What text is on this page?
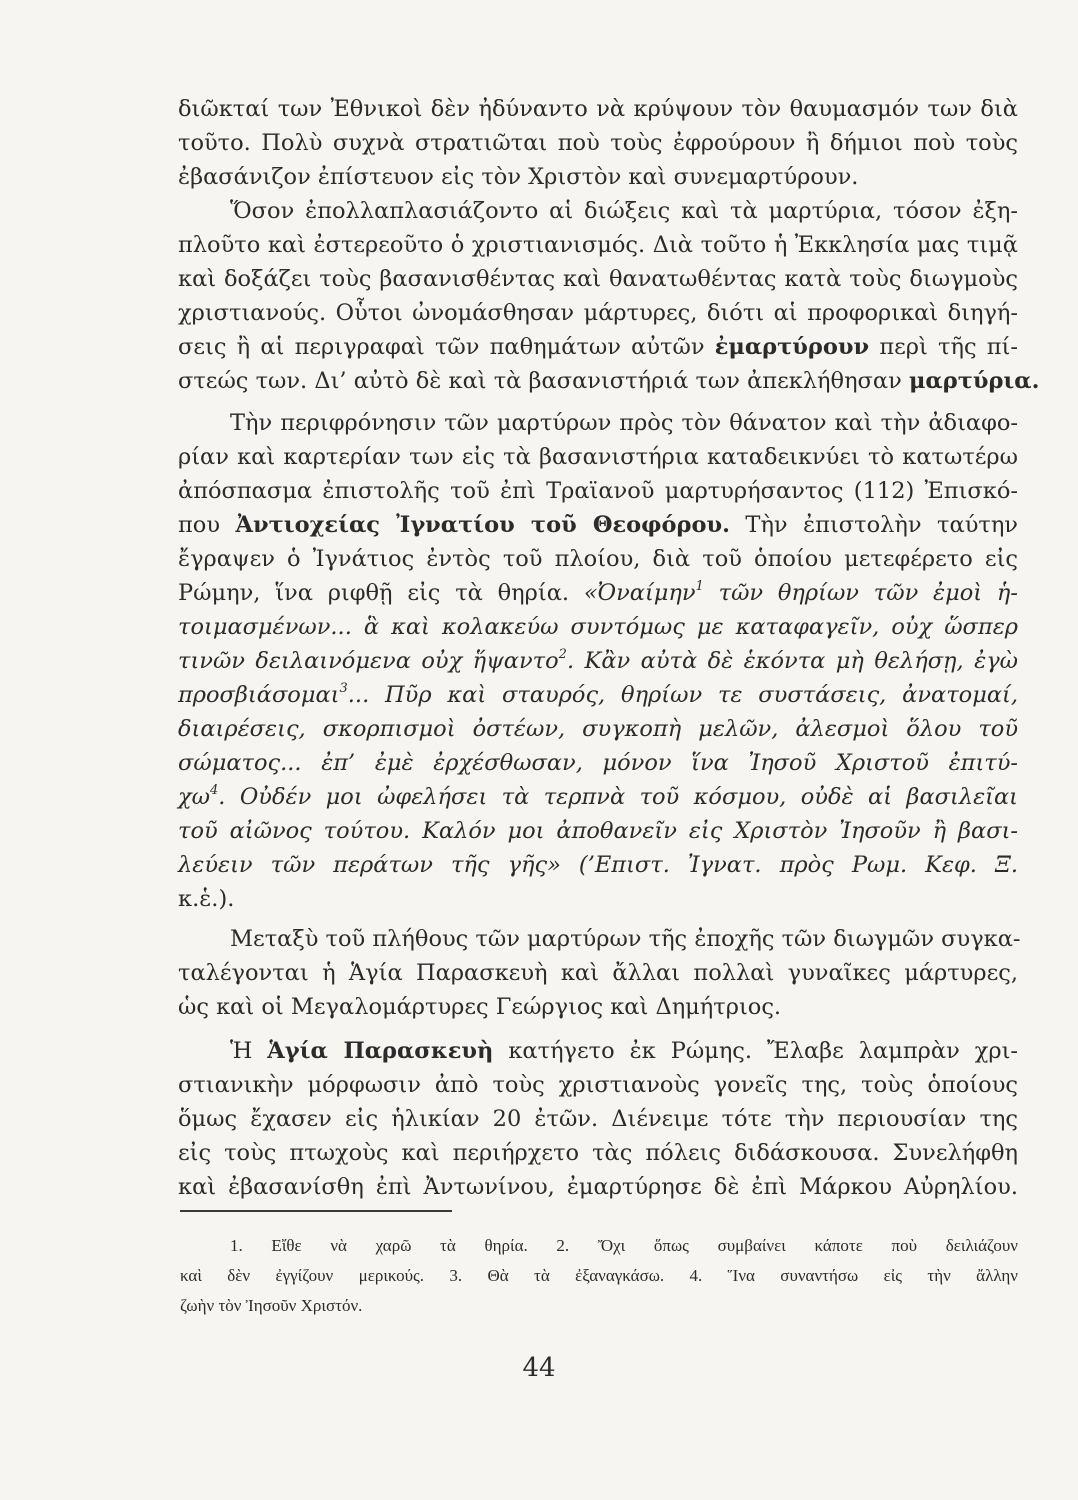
διῶκταί των Ἐθνικοὶ δὲν ἠδύναντο νὰ κρύψουν τὸν θαυμασμόν των διὰ
τοῦτο. Πολὺ συχνὰ στρατιῶται ποὺ τοὺς ἐφρούρουν ἢ δήμιοι ποὺ τοὺς
ἐβασάνιζον ἐπίστευον εἰς τὸν Χριστὸν καὶ συνεμαρτύρουν.
Ὅσον ἐπολλαπλασιάζοντο αἱ διώξεις καὶ τὰ μαρτύρια, τόσον ἐξη-
πλοῦτο καὶ ἐστερεοῦτο ὁ χριστιανισμός. Διὰ τοῦτο ἡ Ἐκκλησία μας τιμᾷ
καὶ δοξάζει τοὺς βασανισθέντας καὶ θανατωθέντας κατὰ τοὺς διωγμοὺς
χριστιανούς. Οὗτοι ὠνομάσθησαν μάρτυρες, διότι αἱ προφορικαὶ διηγή-
σεις ἢ αἱ περιγραφαὶ τῶν παθημάτων αὐτῶν ἐμαρτύρουν περὶ τῆς πί-
στεώς των. Δι’ αὐτὸ δὲ καὶ τὰ βασανιστήριά των ἀπεκλήθησαν μαρτύρια.
Τὴν περιφρόνησιν τῶν μαρτύρων πρὸς τὸν θάνατον καὶ τὴν ἀδιαφο-
ρίαν καὶ καρτερίαν των εἰς τὰ βασανιστήρια καταδεικνύει τὸ κατωτέρω
ἀπόσπασμα ἐπιστολῆς τοῦ ἐπὶ Τραϊανοῦ μαρτυρήσαντος (112) Ἐπισκό-
που Ἀντιοχείας Ἰγνατίου τοῦ Θεοφόρου. Τὴν ἐπιστολὴν ταύτην
ἔγραψεν ὁ Ἰγνάτιος ἐντὸς τοῦ πλοίου, διὰ τοῦ ὁποίου μετεφέρετο εἰς
Ρώμην, ἵνα ριφθῇ εἰς τὰ θηρία. «Ὀναίμην$^1$ τῶν θηρίων τῶν ἐμοὶ ἡ-
τοιμασμένων... ἃ καὶ κολακεύω συντόμως με καταφαγεῖν, οὐχ ὥσπερ
τινῶν δειλαινόμενα οὐχ ἥψαντο$^2$. Κἂν αὐτὰ δὲ ἑκόντα μὴ θελήσῃ, ἐγὼ
προσβιάσομαι$^3$... Πῦρ καὶ σταυρός, θηρίων τε συστάσεις, ἀνατομαί,
διαιρέσεις, σκορπισμοὶ ὀστέων, συγκοπὴ μελῶν, ἀλεσμοὶ ὅλου τοῦ
σώματος... ἐπ’ ἐμὲ ἐρχέσθωσαν, μόνον ἵνα Ἰησοῦ Χριστοῦ ἐπιτύ-
$\chi\omega^4$. Οὐδέν μοι ὠφελήσει τὰ τερπνὰ τοῦ κόσμου, οὐδὲ αἱ βασιλεῖαι
τοῦ αἰῶνος τούτου. Καλόν μοι ἀποθανεῖν εἰς Χριστὸν Ἰησοῦν ἢ βασι-
λεύειν τῶν περάτων τῆς γῆς» (’Επιστ. Ἰγνατ. πρὸς Ρωμ. Κεφ. Ξ.
κ.ἑ.).
Μεταξὺ τοῦ πλήθους τῶν μαρτύρων τῆς ἐποχῆς τῶν διωγμῶν συγκα-
ταλέγονται ἡ Ἁγία Παρασκευὴ καὶ ἄλλαι πολλαὶ γυναῖκες μάρτυρες,
ὡς καὶ οἱ Μεγαλομάρτυρες Γεώργιος καὶ Δημήτριος.
Ἡ Ἁγία Παρασκευὴ κατήγετο ἐκ Ρώμης. Ἔλαβε λαμπρὰν χρι-
στιανικὴν μόρφωσιν ἀπὸ τοὺς χριστιανοὺς γονεῖς της, τοὺς ὁποίους
ὅμως ἔχασεν εἰς ἡλικίαν 20 ἐτῶν. Διένειμε τότε τὴν περιουσίαν της
εἰς τοὺς πτωχοὺς καὶ περιήρχετο τὰς πόλεις διδάσκουσα. Συνελήφθη
καὶ ἐβασανίσθη ἐπὶ Ἀντωνίνου, ἐμαρτύρησε δὲ ἐπὶ Μάρκου Αὐρηλίου.
1. Εἴθε νὰ χαρῶ τὰ θηρία. 2. Ὄχι ὅπως συμβαίνει κάποτε ποὺ δειλιάζουν
καὶ δὲν ἐγγίζουν μερικούς. 3. Θὰ τὰ ἐξαναγκάσω. 4. Ἵνα συναντήσω εἰς τὴν ἄλλην
ζωὴν τὸν Ἰησοῦν Χριστόν.
44
